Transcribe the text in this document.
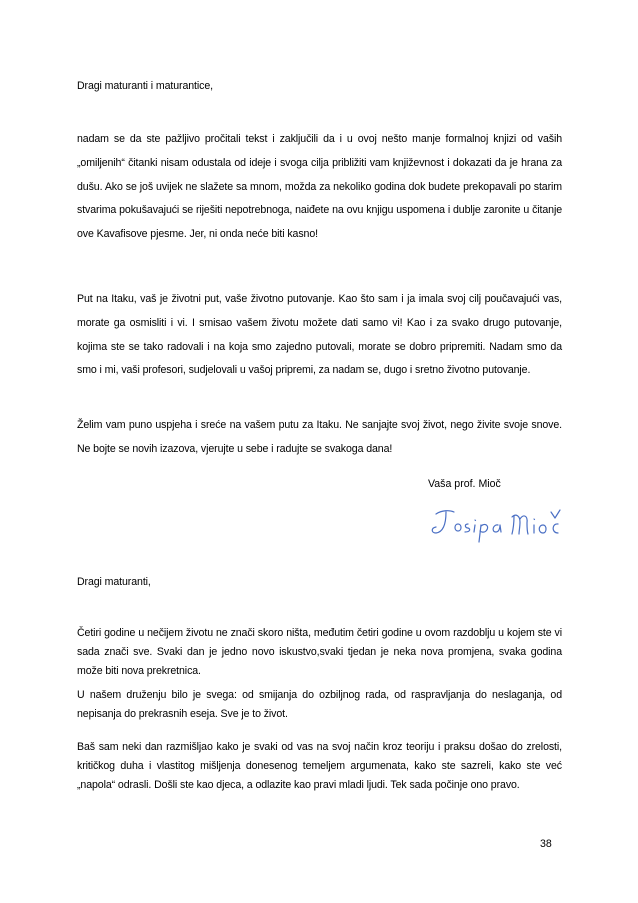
Dragi maturanti i maturantice,
nadam se da ste pažljivo pročitali tekst i zaključili da i u ovoj nešto manje formalnoj knjizi od vaših „omiljenih“ čitanki nisam odustala od ideje i svoga cilja približiti vam književnost i dokazati da je hrana za dušu. Ako se još uvijek ne slažete sa mnom, možda za nekoliko godina dok budete prekopavali po starim stvarima pokušavajući se riješiti nepotrebnoga, naiđete na ovu knjigu uspomena i dublje zaronite u čitanje ove Kavafisove pjesme. Jer, ni onda neće biti kasno!
Put na Itaku, vaš je životni put, vaše životno putovanje. Kao što sam i ja imala svoj cilj poučavajući vas, morate ga osmisliti i vi. I smisao vašem životu možete dati samo vi! Kao i za svako drugo putovanje, kojima ste se tako radovali i na koja smo zajedno putovali, morate se dobro pripremiti. Nadam smo da smo i mi, vaši profesori, sudjelovali u vašoj pripremi, za nadam se, dugo i sretno životno putovanje.
Želim vam puno uspjeha i sreće na vašem putu za Itaku. Ne sanjajte svoj život, nego živite svoje snove. Ne bojte se novih izazova, vjerujte u sebe i radujte se svakoga dana!
Vaša prof. Mioč
Dragi maturanti,
Četiri godine u nečijem životu ne znači skoro ništa, međutim četiri godine u ovom razdoblju u kojem ste vi sada znači sve. Svaki dan je jedno novo iskustvo,svaki tjedan je neka nova promjena, svaka godina može biti nova prekretnica.
U našem druženju bilo je svega: od smijanja do ozbiljnog rada, od raspravljanja do neslaganja, od nepisanja do prekrasnih eseja. Sve je to život.
Baš sam neki dan razmišljao kako je svaki od vas na svoj način kroz teoriju i praksu došao do zrelosti, kritičkog duha i vlastitog mišljenja donesenog temeljem argumenata, kako ste sazreli, kako ste već „napola“ odrasli. Došli ste kao djeca, a odlazite kao pravi mladi ljudi. Tek sada počinje ono pravo.
38
